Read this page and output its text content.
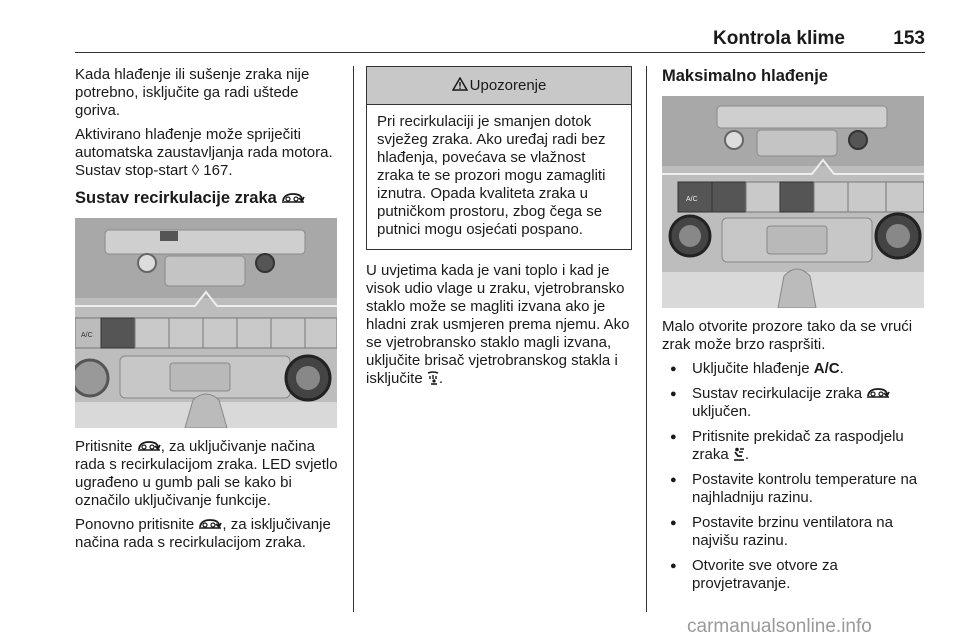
Kontrola klime	153

Kada hlađenje ili sušenje zraka nije potrebno, isključite ga radi uštede goriva.

Aktivirano hlađenje može spriječiti automatska zaustavljanja rada motora. Sustav stop-start ◊ 167.

Sustav recirkulacije zraka
A/C

Pritisnite , za uključivanje načina rada s recirkulacijom zraka. LED svjetlo ugrađeno u gumb pali se kako bi označilo uključivanje funkcije.

Ponovno pritisnite , za isključivanje načina rada s recirkulacijom zraka.

Upozorenje
Pri recirkulaciji je smanjen dotok svježeg zraka. Ako uređaj radi bez hlađenja, povećava se vlažnost zraka te se prozori mogu zamagliti iznutra. Opada kvaliteta zraka u putničkom prostoru, zbog čega se putnici mogu osjećati pospano.

U uvjetima kada je vani toplo i kad je visok udio vlage u zraku, vjetrobransko staklo može se magliti izvana ako je hladni zrak usmjeren prema njemu. Ako se vjetrobransko staklo magli izvana, uključite brisač vjetrobranskog stakla i isključite .

Maksimalno hlađenje
A/C

Malo otvorite prozore tako da se vrući zrak može brzo raspršiti.

● Uključite hlađenje A/C.
● Sustav recirkulacije zraka  uključen.
● Pritisnite prekidač za raspodjelu zraka .
● Postavite kontrolu temperature na najhladniju razinu.
● Postavite brzinu ventilatora na najvišu razinu.
● Otvorite sve otvore za provjetravanje.
carmanualsonline.info
